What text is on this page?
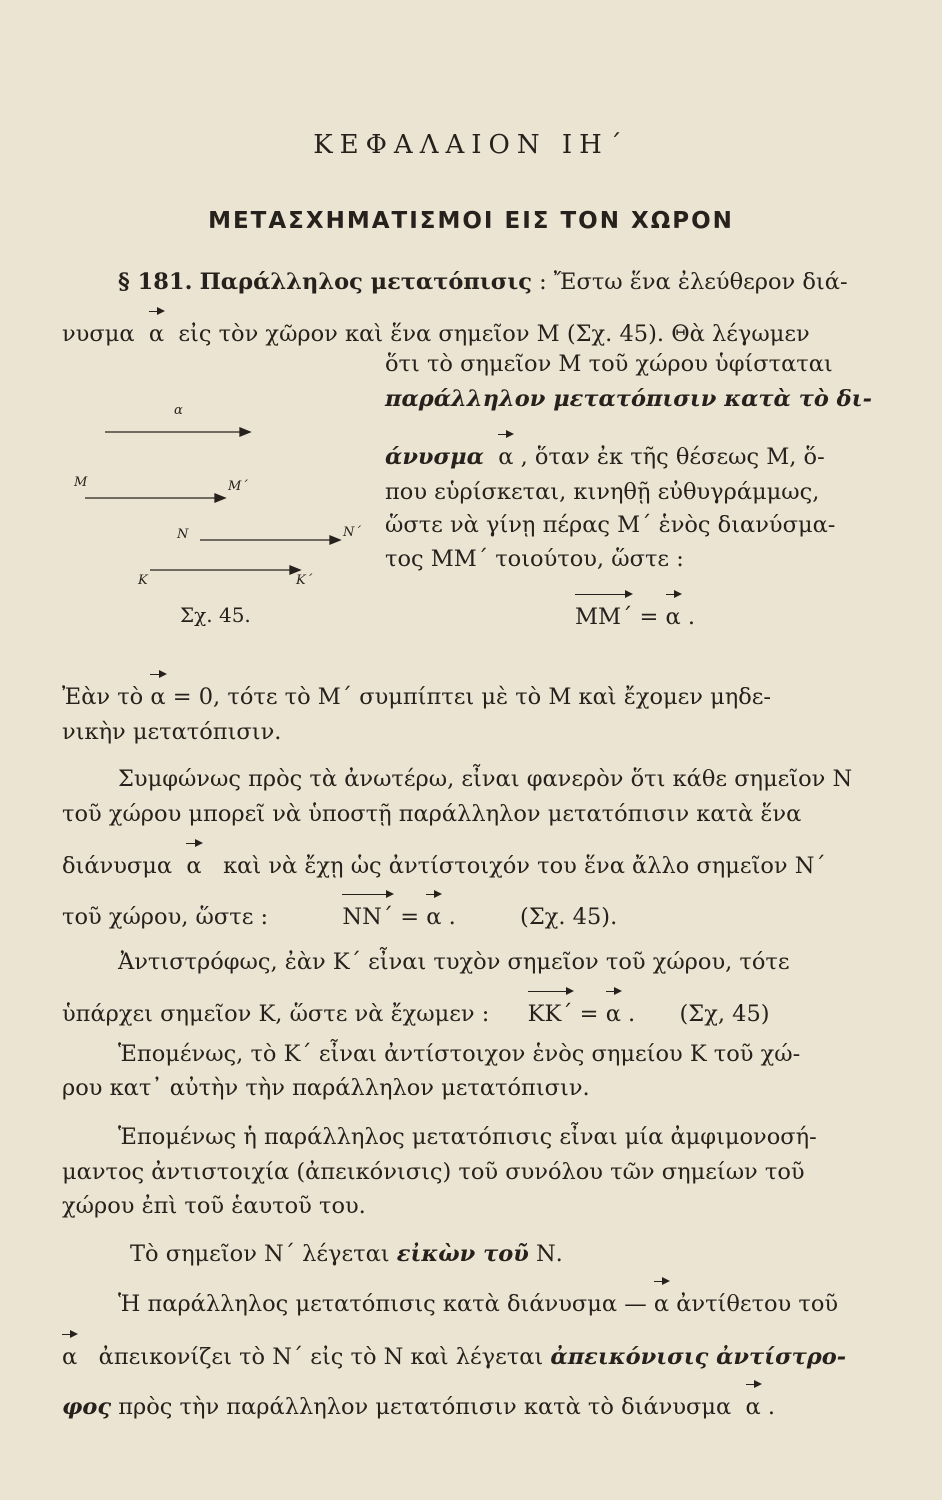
ΚΕΦΑΛΑΙΟΝ ΙΗ΄
ΜΕΤΑΣΧΗΜΑΤΙΣΜΟΙ ΕΙΣ ΤΟΝ ΧΩΡΟΝ
§ 181. Παράλληλος μετατόπισις : Ἔστω ἕνα ἐλεύθερον διά-
νυσμα α εἰς τὸν χῶρον καὶ ἕνα σημεῖον Μ (Σχ. 45). Θὰ λέγωμεν
ὅτι τὸ σημεῖον Μ τοῦ χώρου ὑφίσταται
παράλληλον μετατόπισιν κατὰ τὸ δι-
άνυσμα α , ὅταν ἐκ τῆς θέσεως Μ, ὅ-
που εὑρίσκεται, κινηθῇ εὐθυγράμμως,
ὥστε νὰ γίνῃ πέρας Μ΄ ἑνὸς διανύσμα-
τος ΜΜ΄ τοιούτου, ὥστε :
ΜΜ΄ = α .
α
Μ	Μ΄
Ν	Ν΄
Κ	Κ΄
Σχ. 45.
Ἐὰν τὸ α = 0, τότε τὸ Μ΄ συμπίπτει μὲ τὸ Μ καὶ ἔχομεν μηδε-
νικὴν μετατόπισιν.
Συμφώνως πρὸς τὰ ἀνωτέρω, εἶναι φανερὸν ὅτι κάθε σημεῖον Ν
τοῦ χώρου μπορεῖ νὰ ὑποστῇ παράλληλον μετατόπισιν κατὰ ἕνα
διάνυσμα α καὶ νὰ ἔχῃ ὡς ἀντίστοιχόν του ἕνα ἄλλο σημεῖον Ν΄
τοῦ χώρου, ὥστε :	ΝΝ΄ = α .	(Σχ. 45).
Ἀντιστρόφως, ἐὰν Κ΄ εἶναι τυχὸν σημεῖον τοῦ χώρου, τότε
ὑπάρχει σημεῖον Κ, ὥστε νὰ ἔχωμεν : ΚΚ΄ = α . (Σχ, 45)
Ἑπομένως, τὸ Κ΄ εἶναι ἀντίστοιχον ἑνὸς σημείου Κ τοῦ χώ-
ρου κατ᾽ αὐτὴν τὴν παράλληλον μετατόπισιν.
Ἑπομένως ἡ παράλληλος μετατόπισις εἶναι μία ἀμφιμονοσή-
μαντος ἀντιστοιχία (ἀπεικόνισις) τοῦ συνόλου τῶν σημείων τοῦ
χώρου ἐπὶ τοῦ ἑαυτοῦ του.
Τὸ σημεῖον Ν΄ λέγεται εἰκὼν τοῦ Ν.
Ἡ παράλληλος μετατόπισις κατὰ διάνυσμα — α ἀντίθετου τοῦ
α ἀπεικονίζει τὸ Ν΄ εἰς τὸ Ν καὶ λέγεται ἀπεικόνισις ἀντίστρο-
φος πρὸς τὴν παράλληλον μετατόπισιν κατὰ τὸ διάνυσμα α .
